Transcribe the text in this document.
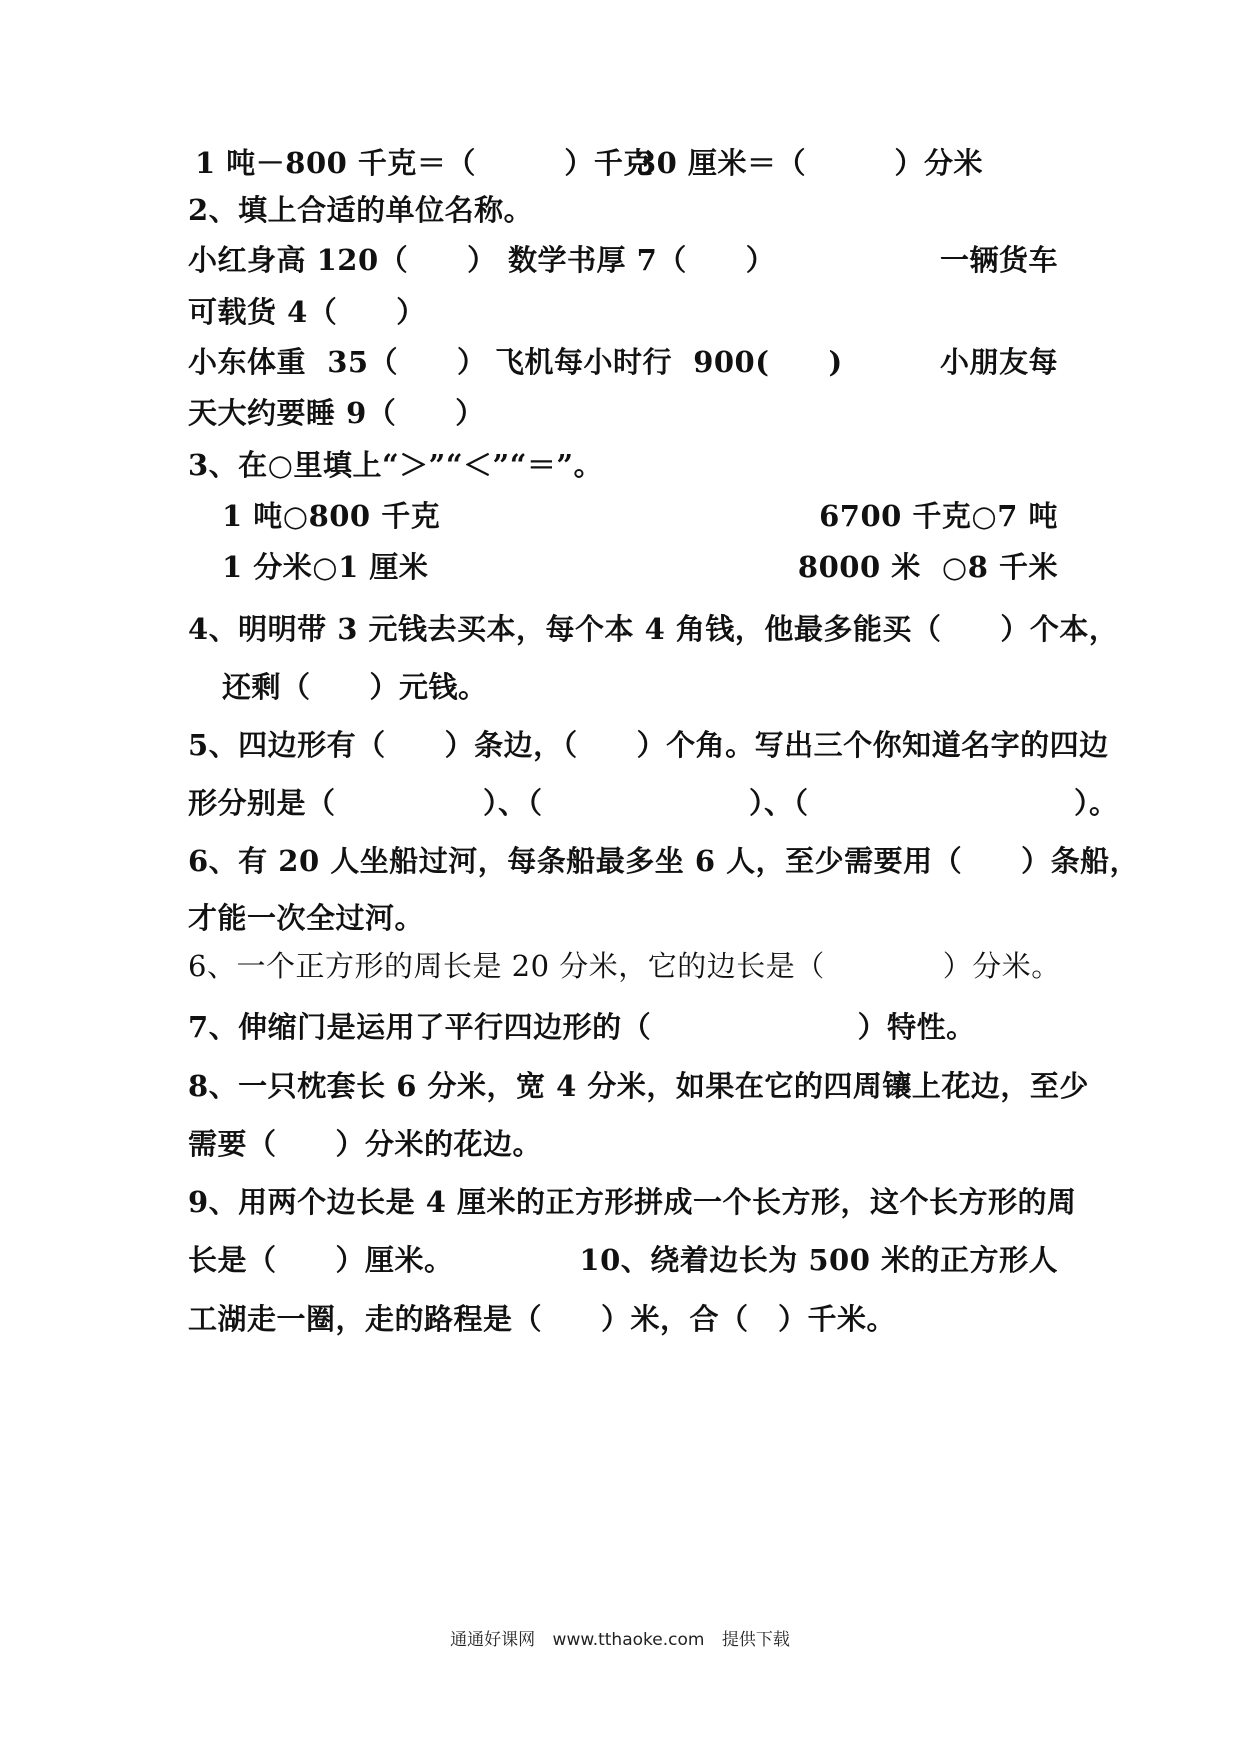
1 吨－800 千克＝（　　　）千克
30 厘米＝（　　　）分米
2、填上合适的单位名称。
小红身高 120（　　） 数学书厚 7（　　）	一辆货车
可载货 4（　　）
小东体重  35（　　） 飞机每小时行  900(　　)	小朋友每
天大约要睡 9（　　）
3、在○里填上“＞”“＜”“＝”。
1 吨○800 千克	6700 千克○7 吨
1 分米○1 厘米	8000 米  ○8 千米
4、明明带 3 元钱去买本，每个本 4 角钱，他最多能买（　　）个本，
还剩（　　）元钱。
5、四边形有（　　）条边，（　　）个角。写出三个你知道名字的四边
形分别是（　　　　　）、（　　　　　　　）、（　　　　　　　　　）。
6、有 20 人坐船过河，每条船最多坐 6 人，至少需要用（　　）条船，
才能一次全过河。
6、一个正方形的周长是 20 分米，它的边长是（　　　　）分米。
7、伸缩门是运用了平行四边形的（　　　　　　　）特性。
8、一只枕套长 6 分米，宽 4 分米，如果在它的四周镶上花边，至少
需要（　　）分米的花边。
9、用两个边长是 4 厘米的正方形拼成一个长方形，这个长方形的周
长是（　　）厘米。	10、绕着边长为 500 米的正方形人
工湖走一圈，走的路程是（　　）米，合（　）千米。
通通好课网 www.tthaoke.com 提供下载
